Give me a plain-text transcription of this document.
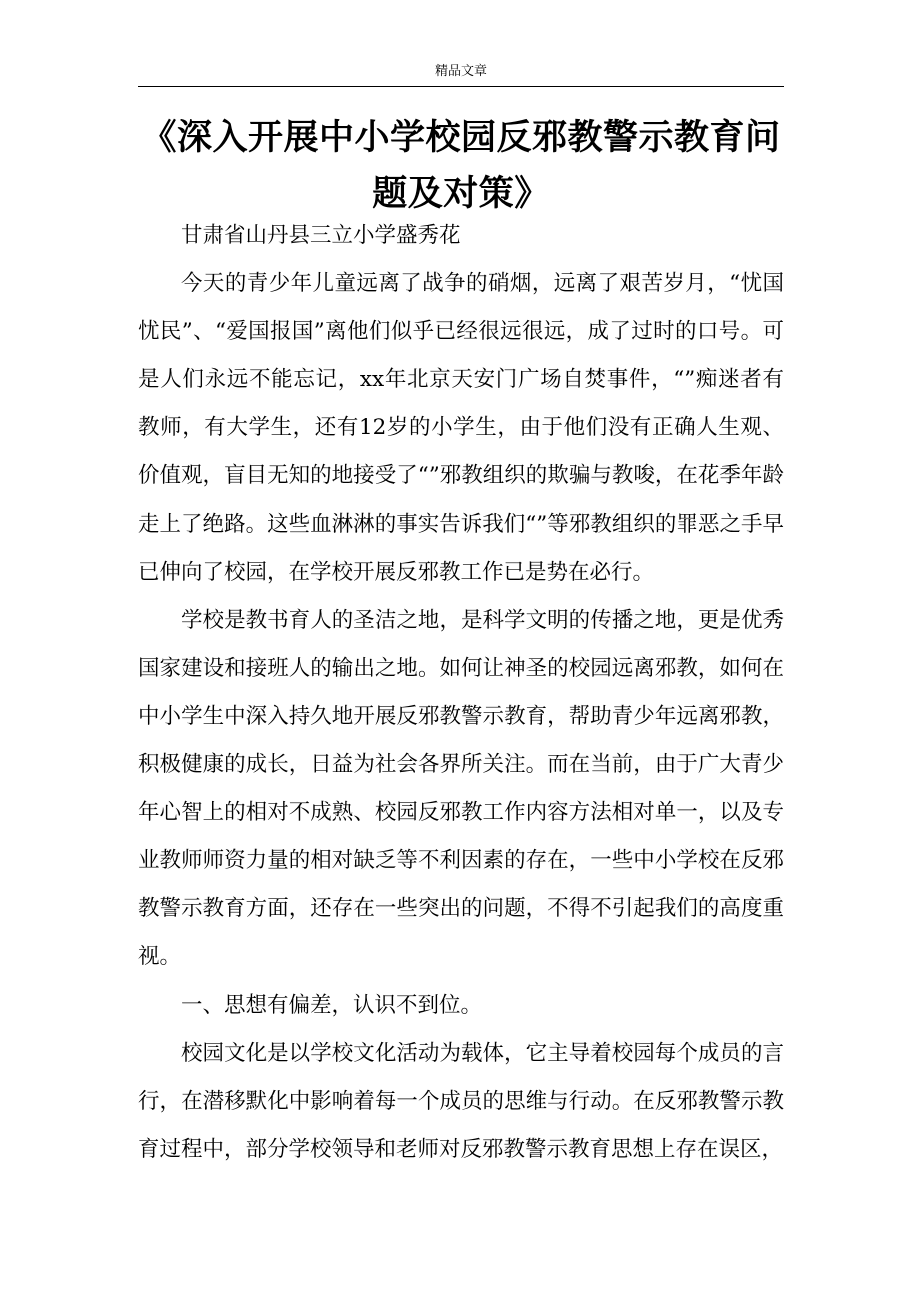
精品文章
《深入开展中小学校园反邪教警示教育问题及对策》

甘肃省山丹县三立小学盛秀花

今天的青少年儿童远离了战争的硝烟，远离了艰苦岁月，“忧国忧民”、“爱国报国”离他们似乎已经很远很远，成了过时的口号。可是人们永远不能忘记，xx年北京天安门广场自焚事件，“”痴迷者有教师，有大学生，还有12岁的小学生，由于他们没有正确人生观、价值观，盲目无知的地接受了“”邪教组织的欺骗与教唆，在花季年龄走上了绝路。这些血淋淋的事实告诉我们“”等邪教组织的罪恶之手早已伸向了校园，在学校开展反邪教工作已是势在必行。

学校是教书育人的圣洁之地，是科学文明的传播之地，更是优秀国家建设和接班人的输出之地。如何让神圣的校园远离邪教，如何在中小学生中深入持久地开展反邪教警示教育，帮助青少年远离邪教，积极健康的成长，日益为社会各界所关注。而在当前，由于广大青少年心智上的相对不成熟、校园反邪教工作内容方法相对单一，以及专业教师师资力量的相对缺乏等不利因素的存在，一些中小学校在反邪教警示教育方面，还存在一些突出的问题，不得不引起我们的高度重视。

一、思想有偏差，认识不到位。

校园文化是以学校文化活动为载体，它主导着校园每个成员的言行，在潜移默化中影响着每一个成员的思维与行动。在反邪教警示教育过程中，部分学校领导和老师对反邪教警示教育思想上存在误区，
